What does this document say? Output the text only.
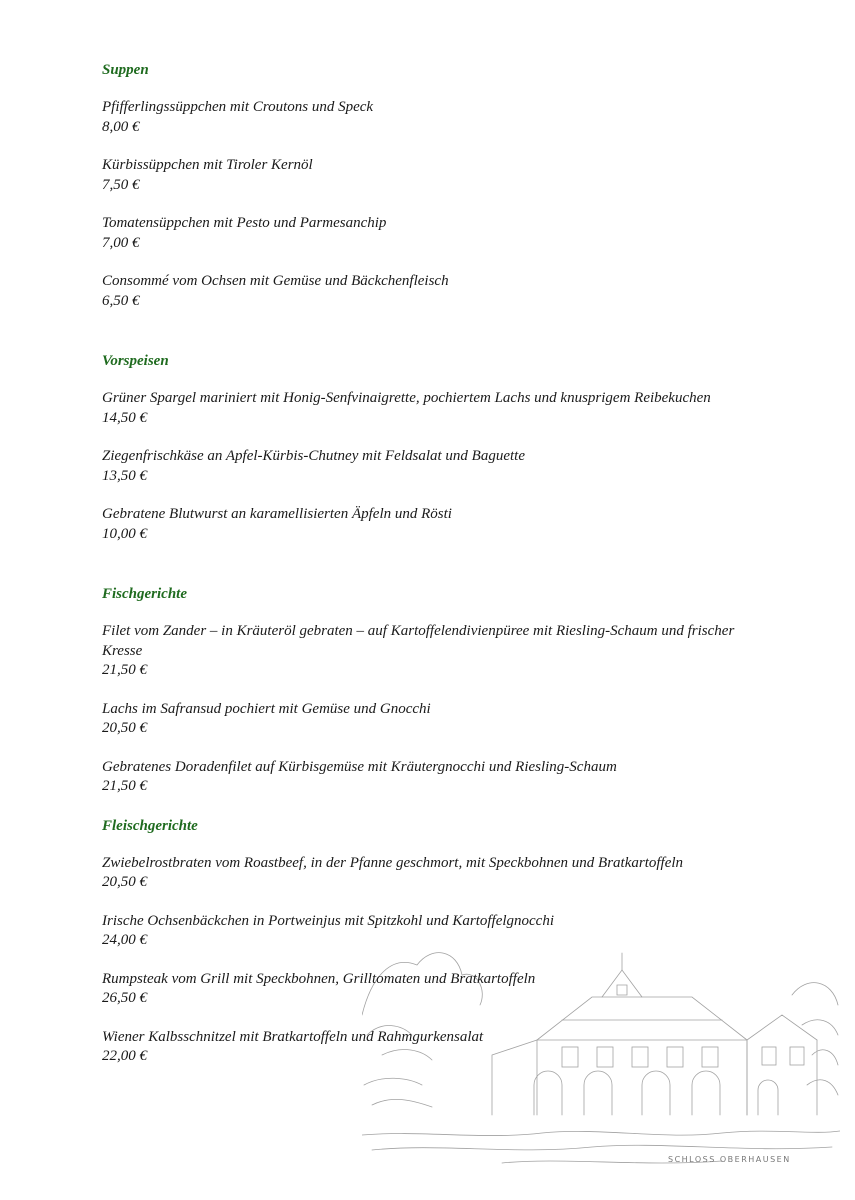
SCHLOSS OBERHAUSEN

Suppen

Pfifferlingssüppchen mit Croutons und Speck

8,00 €

Kürbissüppchen mit Tiroler Kernöl

7,50 €

Tomatensüppchen mit Pesto und Parmesanchip

7,00 €

Consommé vom Ochsen mit Gemüse und Bäckchenfleisch

6,50 €

Vorspeisen

Grüner Spargel mariniert mit Honig-Senfvinaigrette, pochiertem Lachs und knusprigem Reibekuchen

14,50 €

Ziegenfrischkäse an Apfel-Kürbis-Chutney mit Feldsalat und Baguette

13,50 €

Gebratene Blutwurst an karamellisierten Äpfeln und Rösti

10,00 €

Fischgerichte

Filet vom Zander – in Kräuteröl gebraten – auf Kartoffelendivienpüree mit Riesling-Schaum und frischer Kresse

21,50 €

Lachs im Safransud pochiert mit Gemüse und Gnocchi

20,50 €

Gebratenes Doradenfilet auf Kürbisgemüse mit Kräutergnocchi und Riesling-Schaum

21,50 €

Fleischgerichte

Zwiebelrostbraten vom Roastbeef, in der Pfanne geschmort, mit Speckbohnen und Bratkartoffeln

20,50 €

Irische Ochsenbäckchen in Portweinjus mit Spitzkohl und Kartoffelgnocchi

24,00 €

Rumpsteak vom Grill mit Speckbohnen, Grilltomaten und Bratkartoffeln

26,50 €

Wiener Kalbsschnitzel mit Bratkartoffeln und Rahmgurkensalat

22,00 €
